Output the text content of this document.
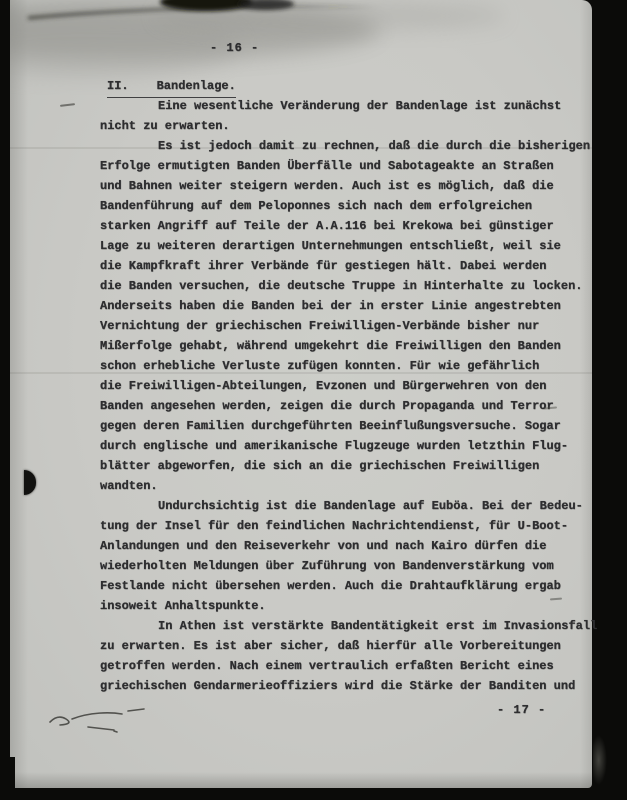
- 16 -
II. Bandenlage.
Eine wesentliche Veränderung der Bandenlage ist zunächst
nicht zu erwarten.
Es ist jedoch damit zu rechnen, daß die durch die bisherigen
Erfolge ermutigten Banden Überfälle und Sabotageakte an Straßen
und Bahnen weiter steigern werden. Auch ist es möglich, daß die
Bandenführung auf dem Peloponnes sich nach dem erfolgreichen
starken Angriff auf Teile der A.A.116 bei Krekowa bei günstiger
Lage zu weiteren derartigen Unternehmungen entschließt, weil sie
die Kampfkraft ihrer Verbände für gestiegen hält. Dabei werden
die Banden versuchen, die deutsche Truppe in Hinterhalte zu locken.
Anderseits haben die Banden bei der in erster Linie angestrebten
Vernichtung der griechischen Freiwilligen-Verbände bisher nur
Mißerfolge gehabt, während umgekehrt die Freiwilligen den Banden
schon erhebliche Verluste zufügen konnten. Für wie gefährlich
die Freiwilligen-Abteilungen, Evzonen und Bürgerwehren von den
Banden angesehen werden, zeigen die durch Propaganda und Terror
gegen deren Familien durchgeführten Beeinflußungsversuche. Sogar
durch englische und amerikanische Flugzeuge wurden letzthin Flug-
blätter abgeworfen, die sich an die griechischen Freiwilligen
wandten.
Undurchsichtig ist die Bandenlage auf Euböa. Bei der Bedeu-
tung der Insel für den feindlichen Nachrichtendienst, für U-Boot-
Anlandungen und den Reiseverkehr von und nach Kairo dürfen die
wiederholten Meldungen über Zuführung von Bandenverstärkung vom
Festlande nicht übersehen werden. Auch die Drahtaufklärung ergab
insoweit Anhaltspunkte.
In Athen ist verstärkte Bandentätigkeit erst im Invasionsfall
zu erwarten. Es ist aber sicher, daß hierfür alle Vorbereitungen
getroffen werden. Nach einem vertraulich erfaßten Bericht eines
griechischen Gendarmerieoffiziers wird die Stärke der Banditen und
- 17 -
